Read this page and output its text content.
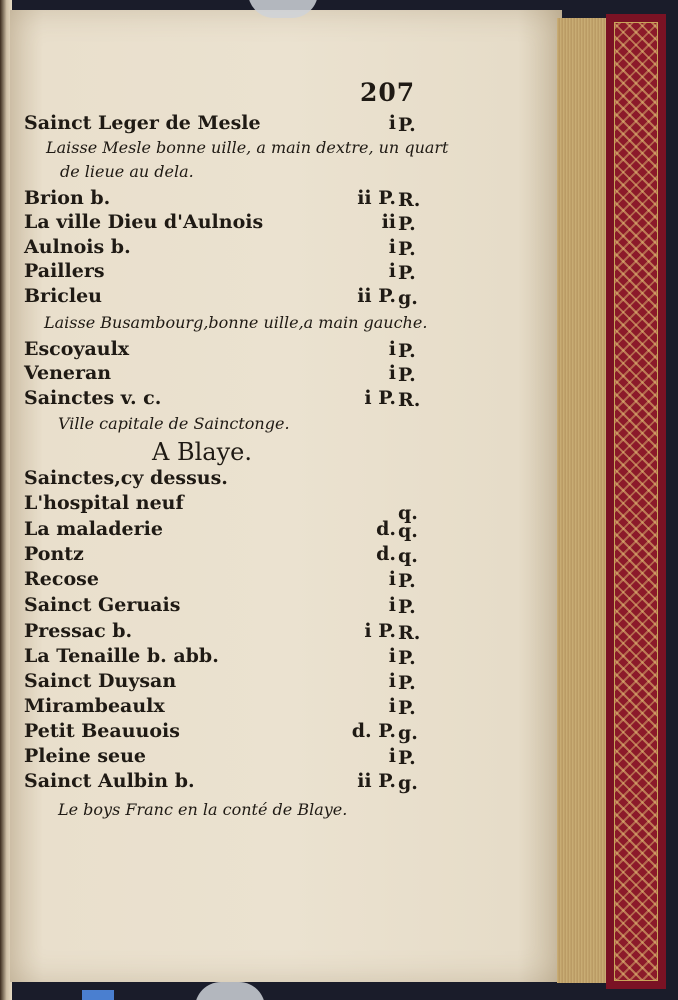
207
Sainct Leger de Mesle	i P.
Laisse Mesle bonne uille, a main dextre, un quart
de lieue au dela.
Brion b.	ii P. R.
La ville Dieu d'Aulnois	ii P.
Aulnois b.	i P.
Paillers	i P.
Bricleu	ii P. g.
Laisse Busambourg,bonne uille,a main gauche.
Escoyaulx	i P.
Veneran	i P.
Sainctes v. c.	i P. R.
Ville capitale de Sainctonge.
A Blaye.
Sainctes,cy dessus.
L'hospital neuf	q.
La maladerie	d. q.
Pontz	d. q.
Recose	i P.
Sainct Geruais	i P.
Pressac b.	i P. R.
La Tenaille b. abb.	i P.
Sainct Duysan	i P.
Mirambeaulx	i P.
Petit Beauuois	d. P. g.
Pleine seue	i P.
Sainct Aulbin b.	ii P. g.
Le boys Franc en la conté de Blaye.
